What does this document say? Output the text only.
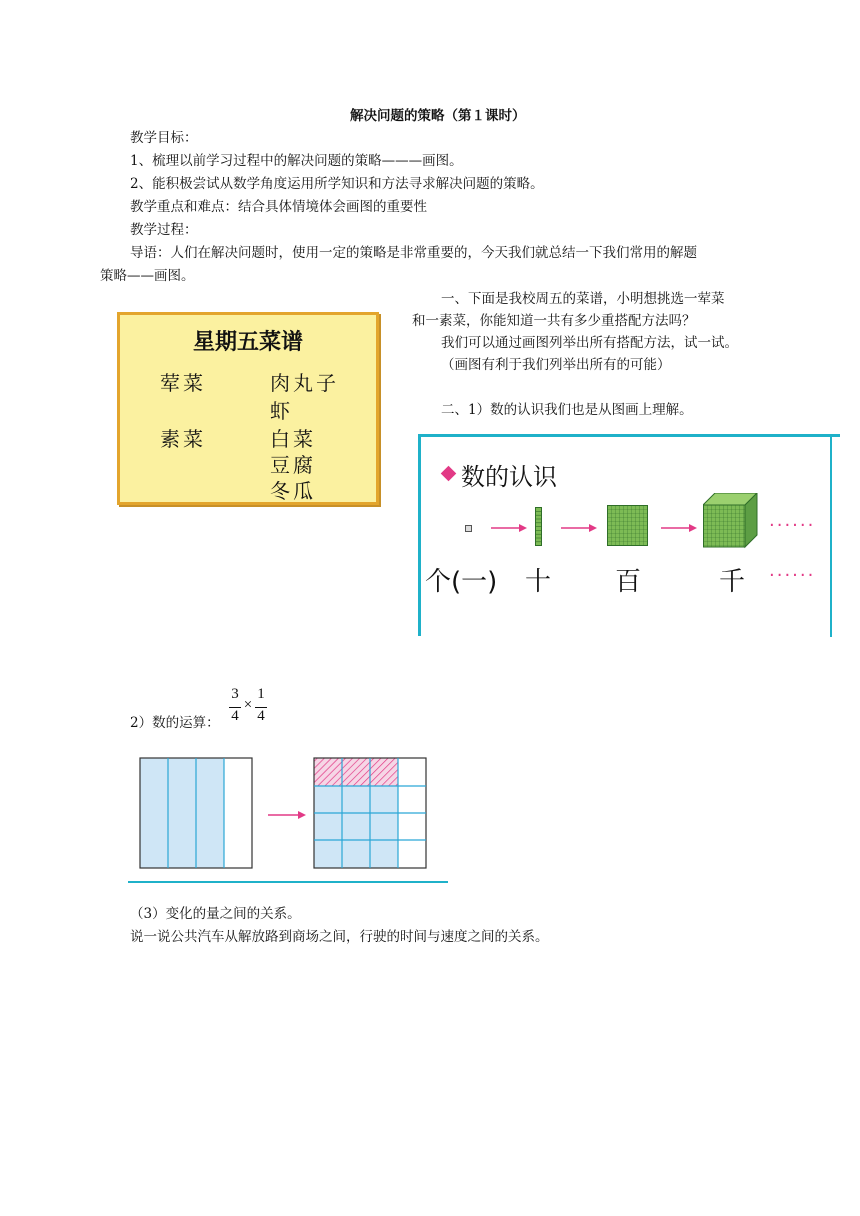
解决问题的策略（第１课时）
教学目标：
1、梳理以前学习过程中的解决问题的策略———画图。
2、能积极尝试从数学角度运用所学知识和方法寻求解决问题的策略。
教学重点和难点：结合具体情境体会画图的重要性
教学过程：
导语：人们在解决问题时，使用一定的策略是非常重要的，今天我们就总结一下我们常用的解题
策略——画图。
一、下面是我校周五的菜谱，小明想挑选一荤菜
和一素菜，你能知道一共有多少重搭配方法吗？
我们可以通过画图列举出所有搭配方法，试一试。
（画图有利于我们列举出所有的可能）
二、1）数的认识我们也是从图画上理解。
星期五菜谱
荤菜	肉丸子
虾
素菜	白菜
豆腐
冬瓜	数的认识
······
个(一) 十 百	千 ······
3
4
×
1
4
2）数的运算：
（3）变化的量之间的关系。
说一说公共汽车从解放路到商场之间，行驶的时间与速度之间的关系。
